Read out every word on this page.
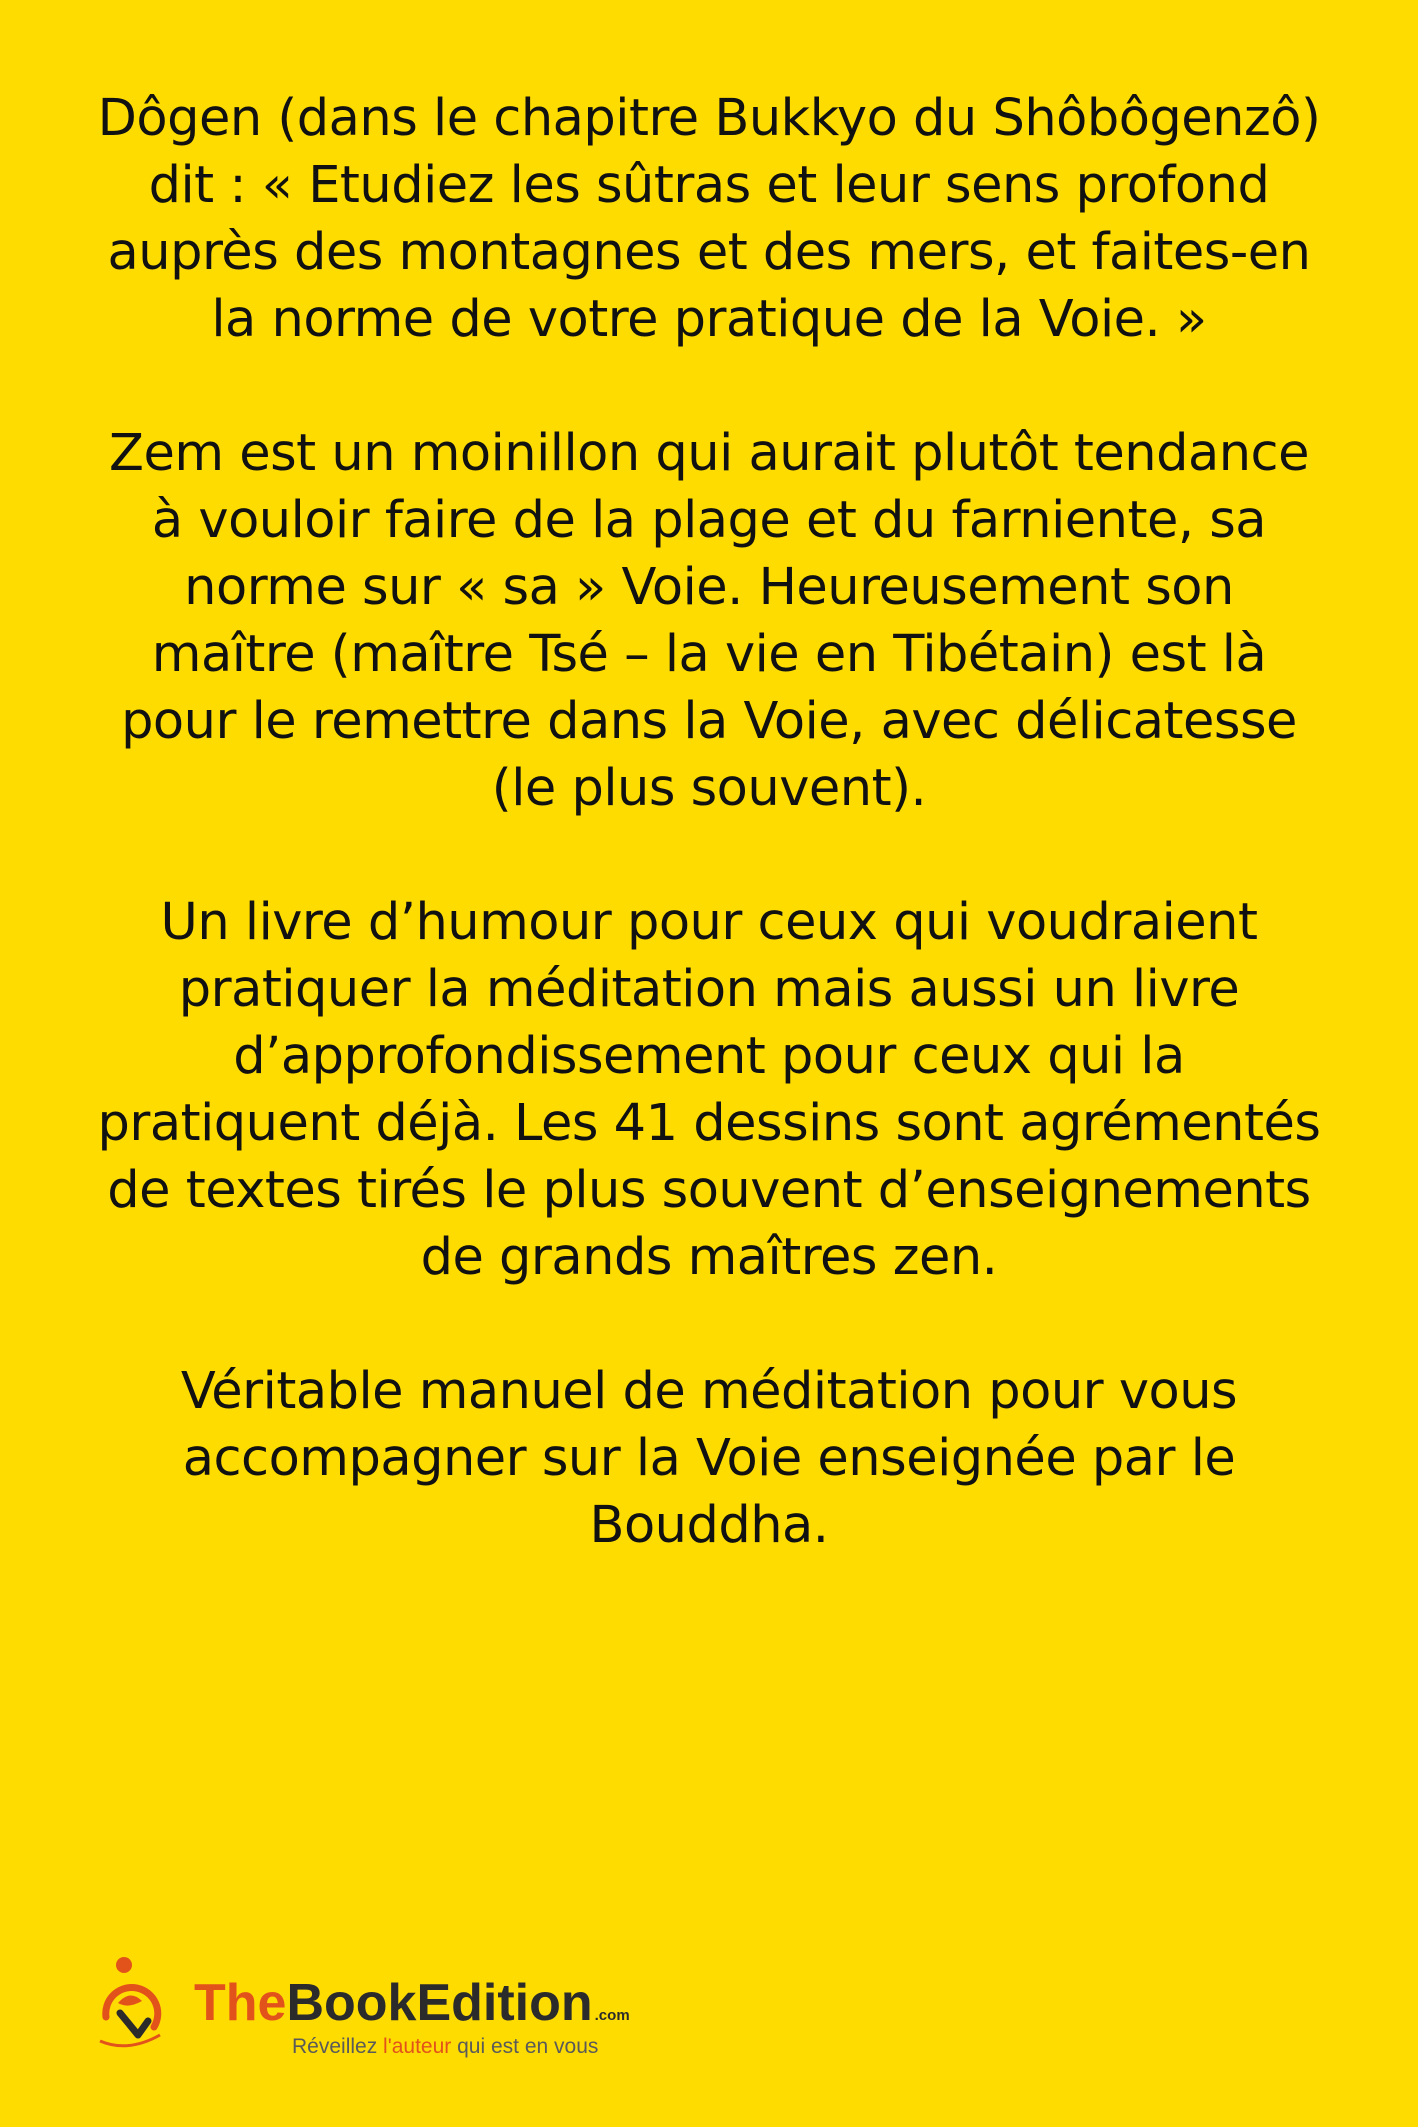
Dôgen (dans le chapitre Bukkyo du Shôbôgenzô) dit : « Etudiez les sûtras et leur sens profond auprès des montagnes et des mers, et faites-en la norme de votre pratique de la Voie. »

Zem est un moinillon qui aurait plutôt tendance à vouloir faire de la plage et du farniente, sa norme sur « sa » Voie. Heureusement son maître (maître Tsé – la vie en Tibétain) est là pour le remettre dans la Voie, avec délicatesse (le plus souvent).

Un livre d’humour pour ceux qui voudraient pratiquer la méditation mais aussi un livre d’approfondissement pour ceux qui la pratiquent déjà. Les 41 dessins sont agrémentés de textes tirés le plus souvent d’enseignements de grands maîtres zen.

Véritable manuel de méditation pour vous accompagner sur la Voie enseignée par le Bouddha.

TheBookEdition .com
Réveillez l'auteur qui est en vous
